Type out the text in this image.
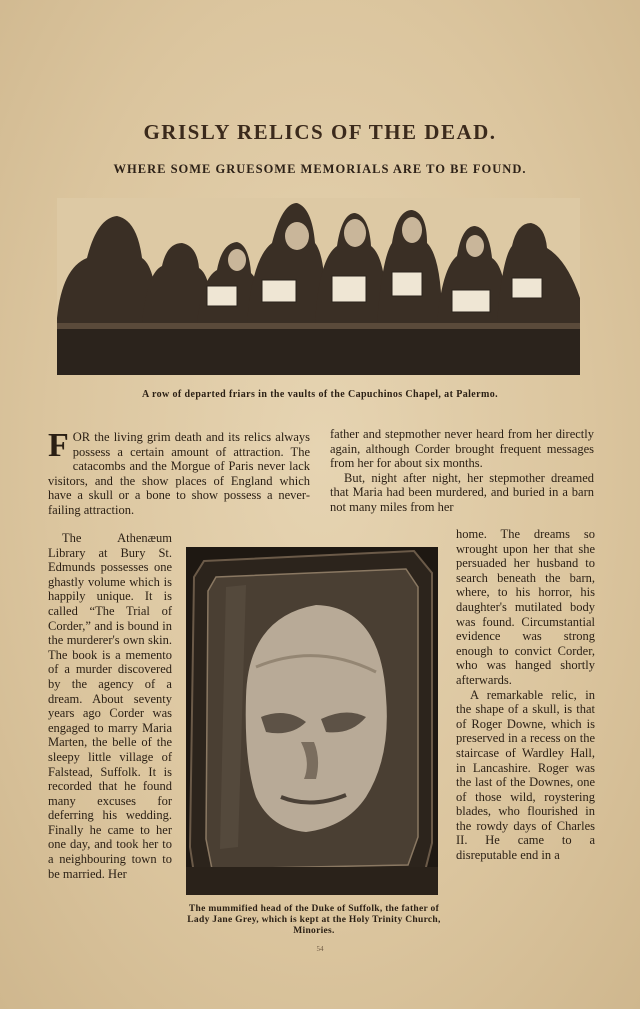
GRISLY RELICS OF THE DEAD.
WHERE SOME GRUESOME MEMORIALS ARE TO BE FOUND.
A row of departed friars in the vaults of the Capuchinos Chapel, at Palermo.

FOR the living grim death and its relics always possess a certain amount of attraction. The catacombs and the Morgue of Paris never lack visitors, and the show places of England which have a skull or a bone to show possess a never-failing attraction.

The Athenæum Library at Bury St. Edmunds possesses one ghastly volume which is happily unique. It is called “The Trial of Corder,” and is bound in the murderer's own skin. The book is a memento of a murder discovered by the agency of a dream. About seventy years ago Corder was engaged to marry Maria Marten, the belle of the sleepy little village of Falstead, Suffolk. It is recorded that he found many excuses for deferring his wedding. Finally he came to her one day, and took her to a neighbouring town to be married. Her

father and stepmother never heard from her directly again, although Corder brought frequent messages from her for about six months.

But, night after night, her stepmother dreamed that Maria had been murdered, and buried in a barn not many miles from her

home. The dreams so wrought upon her that she persuaded her husband to search beneath the barn, where, to his horror, his daughter's mutilated body was found. Circumstantial evidence was strong enough to convict Corder, who was hanged shortly afterwards.

A remarkable relic, in the shape of a skull, is that of Roger Downe, which is preserved in a recess on the staircase of Wardley Hall, in Lancashire. Roger was the last of the Downes, one of those wild, roystering blades, who flourished in the rowdy days of Charles II. He came to a disreputable end in a

The mummified head of the Duke of Suffolk, the father of Lady Jane Grey, which is kept at the Holy Trinity Church, Minories.
54
